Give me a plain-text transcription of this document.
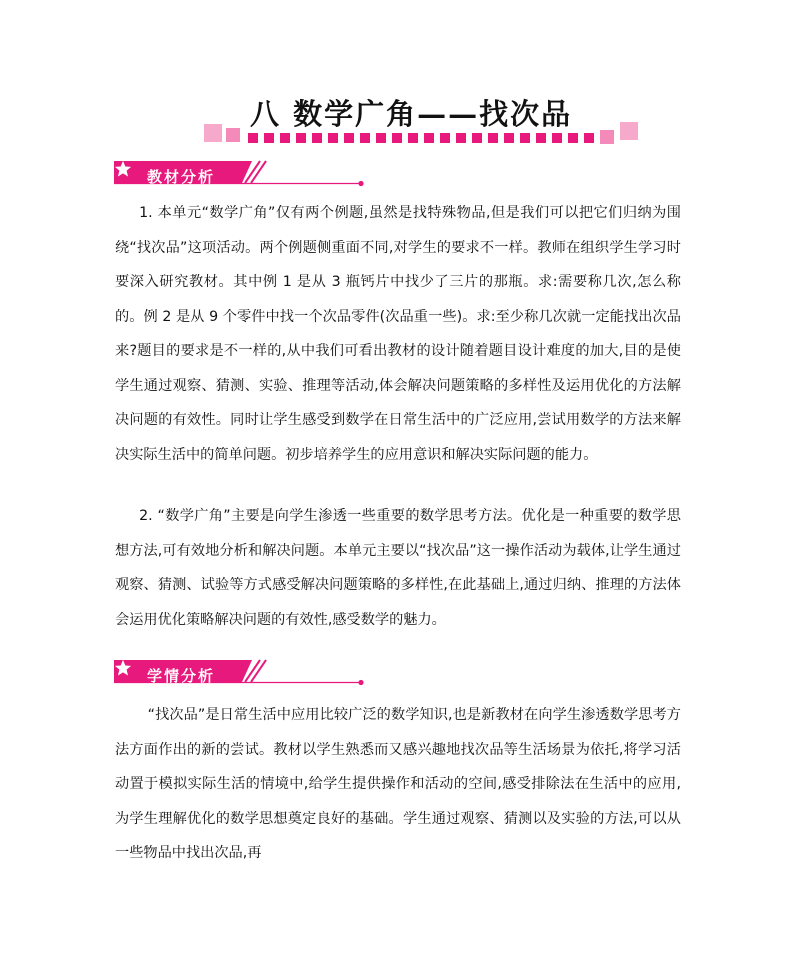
八 数学广角——找次品
教材分析

1. 本单元“数学广角”仅有两个例题,虽然是找特殊物品,但是我们可以把它们归纳为围绕“找次品”这项活动。两个例题侧重面不同,对学生的要求不一样。教师在组织学生学习时要深入研究教材。其中例 1 是从 3 瓶钙片中找少了三片的那瓶。求:需要称几次,怎么称的。例 2 是从 9 个零件中找一个次品零件(次品重一些)。求:至少称几次就一定能找出次品来?题目的要求是不一样的,从中我们可看出教材的设计随着题目设计难度的加大,目的是使学生通过观察、猜测、实验、推理等活动,体会解决问题策略的多样性及运用优化的方法解决问题的有效性。同时让学生感受到数学在日常生活中的广泛应用,尝试用数学的方法来解决实际生活中的简单问题。初步培养学生的应用意识和解决实际问题的能力。

2. “数学广角”主要是向学生渗透一些重要的数学思考方法。优化是一种重要的数学思想方法,可有效地分析和解决问题。本单元主要以“找次品”这一操作活动为载体,让学生通过观察、猜测、试验等方式感受解决问题策略的多样性,在此基础上,通过归纳、推理的方法体会运用优化策略解决问题的有效性,感受数学的魅力。

学情分析

“找次品”是日常生活中应用比较广泛的数学知识,也是新教材在向学生渗透数学思考方法方面作出的新的尝试。教材以学生熟悉而又感兴趣地找次品等生活场景为依托,将学习活动置于模拟实际生活的情境中,给学生提供操作和活动的空间,感受排除法在生活中的应用,为学生理解优化的数学思想奠定良好的基础。学生通过观察、猜测以及实验的方法,可以从一些物品中找出次品,再
